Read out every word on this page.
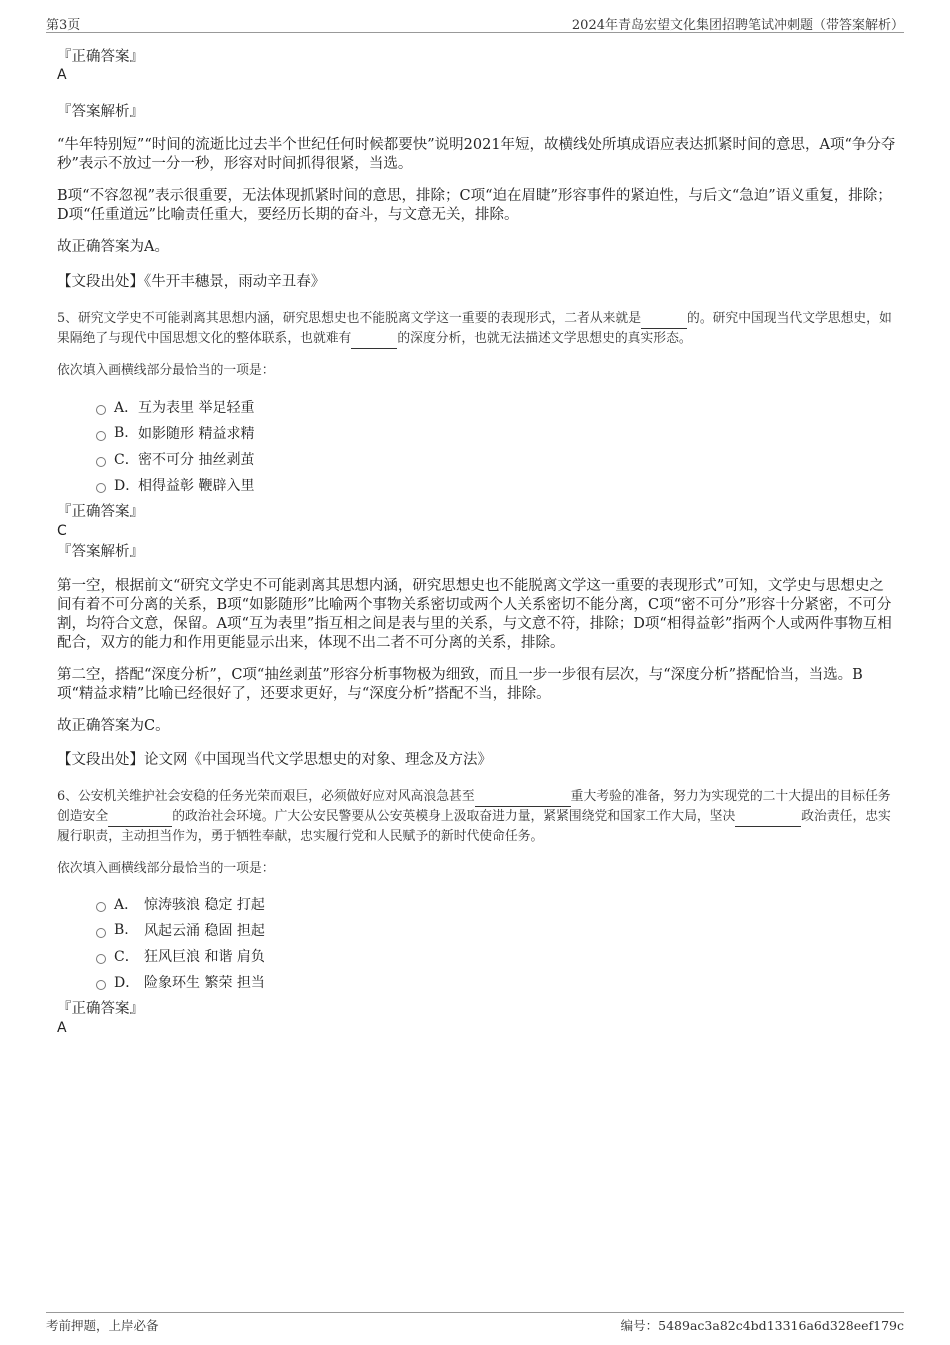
第3页	2024年青岛宏望文化集团招聘笔试冲刺题（带答案解析）
『正确答案』
A
『答案解析』
“牛年特别短”“时间的流逝比过去半个世纪任何时候都要快”说明2021年短，故横线处所填成语应表达抓紧时间的意思，A项“争分夺秒”表示不放过一分一秒，形容对时间抓得很紧，当选。
B项“不容忽视”表示很重要，无法体现抓紧时间的意思，排除；C项“迫在眉睫”形容事件的紧迫性，与后文“急迫”语义重复，排除；D项“任重道远”比喻责任重大，要经历长期的奋斗，与文意无关，排除。
故正确答案为A。
【文段出处】《牛开丰穗景，雨动辛丑春》
5、研究文学史不可能剥离其思想内涵，研究思想史也不能脱离文学这一重要的表现形式，二者从来就是	的。研究中国现当代文学思想史，如果隔绝了与现代中国思想文化的整体联系，也就难有	的深度分析，也就无法描述文学思想史的真实形态。
依次填入画横线部分最恰当的一项是：
A． 互为表里 举足轻重
B. 如影随形 精益求精
C． 密不可分 抽丝剥茧
D．
相得益彰 鞭辟入里
『正确答案』
C
『答案解析』
第一空，根据前文“研究文学史不可能剥离其思想内涵，研究思想史也不能脱离文学这一重要的表现形式”可知，文学史与思想史之间有着不可分离的关系，B项“如影随形”比喻两个事物关系密切或两个人关系密切不能分离，C项“密不可分”形容十分紧密，不可分割，均符合文意，保留。A项“互为表里”指互相之间是表与里的关系，与文意不符，排除；D项“相得益彰”指两个人或两件事物互相配合，双方的能力和作用更能显示出来，体现不出二者不可分离的关系，排除。
第二空，搭配“深度分析”，C项“抽丝剥茧”形容分析事物极为细致，而且一步一步很有层次，与“深度分析”搭配恰当，当选。B项“精益求精”比喻已经很好了，还要求更好，与“深度分析”搭配不当，排除。
故正确答案为C。
【文段出处】论文网《中国现当代文学思想史的对象、理念及方法》
6、公安机关维护社会安稳的任务光荣而艰巨，必须做好应对风高浪急甚至	重大考验的准备，努力为实现党的二十大提出的目标任务创造安全	的政治社会环境。广大公安民警要从公安英模身上汲取奋进力量，紧紧围绕党和国家工作大局，坚决	政治责任，忠实履行职责，主动担当作为，勇于牺牲奉献，忠实履行党和人民赋予的新时代使命任务。
依次填入画横线部分最恰当的一项是：
A． 惊涛骇浪 稳定 打起
B.	风起云涌 稳固 担起
C． 狂风巨浪 和谐 肩负
D． 险象环生 繁荣 担当
『正确答案』
A
考前押题，上岸必备	编号：5489ac3a82c4bd13316a6d328eef179c
